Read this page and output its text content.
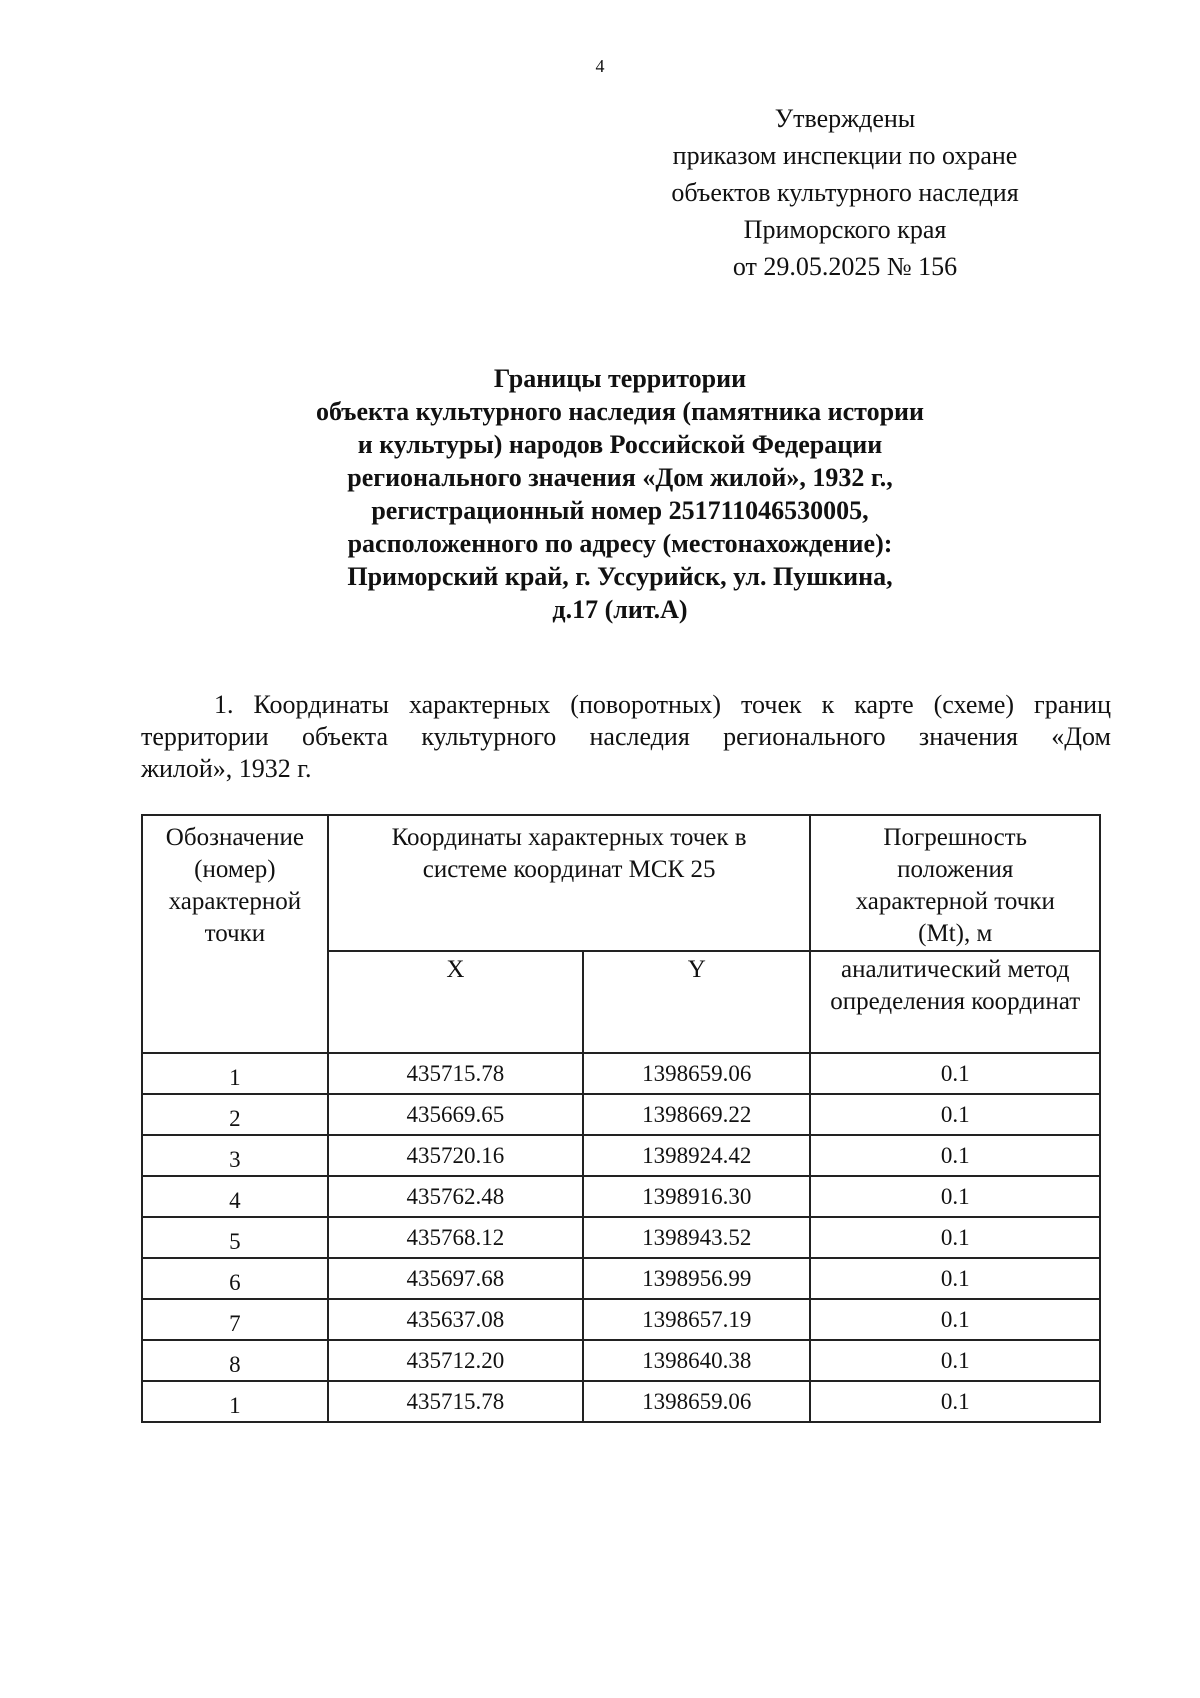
4
Утверждены
приказом инспекции по охране
объектов культурного наследия
Приморского края
от 29.05.2025 № 156
Границы территории
объекта культурного наследия (памятника истории
и культуры) народов Российской Федерации
регионального значения «Дом жилой», 1932 г.,
регистрационный номер 251711046530005,
расположенного по адресу (местонахождение):
Приморский край, г. Уссурийск, ул. Пушкина,
д.17 (лит.А)
1. Координаты характерных (поворотных) точек к карте (схеме) границ
территории объекта культурного наследия регионального значения «Дом
жилой», 1932 г.
Обозначение (номер) характерной точки	Координаты характерных точек в системе координат МСК 25		Погрешность положения характерной точки (Mt), м
	X	Y	аналитический метод определения координат
1	435715.78	1398659.06	0.1
2	435669.65	1398669.22	0.1
3	435720.16	1398924.42	0.1
4	435762.48	1398916.30	0.1
5	435768.12	1398943.52	0.1
6	435697.68	1398956.99	0.1
7	435637.08	1398657.19	0.1
8	435712.20	1398640.38	0.1
1	435715.78	1398659.06	0.1
